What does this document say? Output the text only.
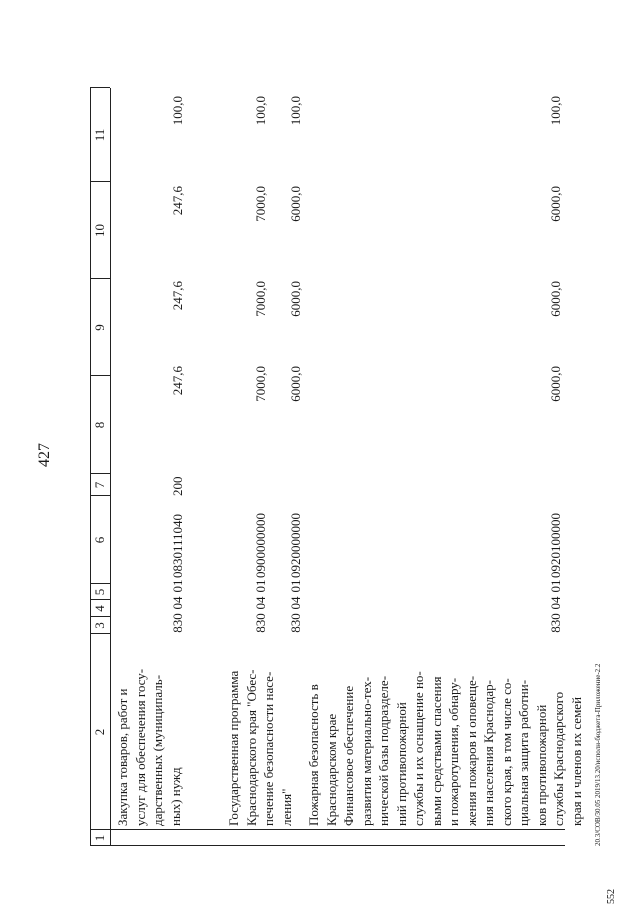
427
1
2
3
4
5
6
7
8
9
10
11
Закупка товаров, работ и услуг для обеспечения госу- дарственных (муниципаль- ных) нужд
830
04
01
0830111040
200
247,6
247,6
247,6
100,0
Государственная программа Краснодарского края "Обес- печение безопасности насе- ления"
830
04
01
0900000000
7000,0
7000,0
7000,0
100,0
Пожарная безопасность в Краснодарском крае
830
04
01
0920000000
6000,0
6000,0
6000,0
100,0
Финансовое обеспечение развития материально-тех- нической базы подразделе- ний противопожарной службы и их оснащение но- выми средствами спасения и пожаротушения, обнару- жения пожаров и оповеще- ния населения Краснодар- ского края, в том числе со- циальная защита работни- ков противопожарной службы Краснодарского края и членов их семей
830
04
01
0920100000
6000,0
6000,0
6000,0
100,0
20.3/СОВ/30.05 2019/13.20/испoлн-бюджета-Приложение-2.2
552
